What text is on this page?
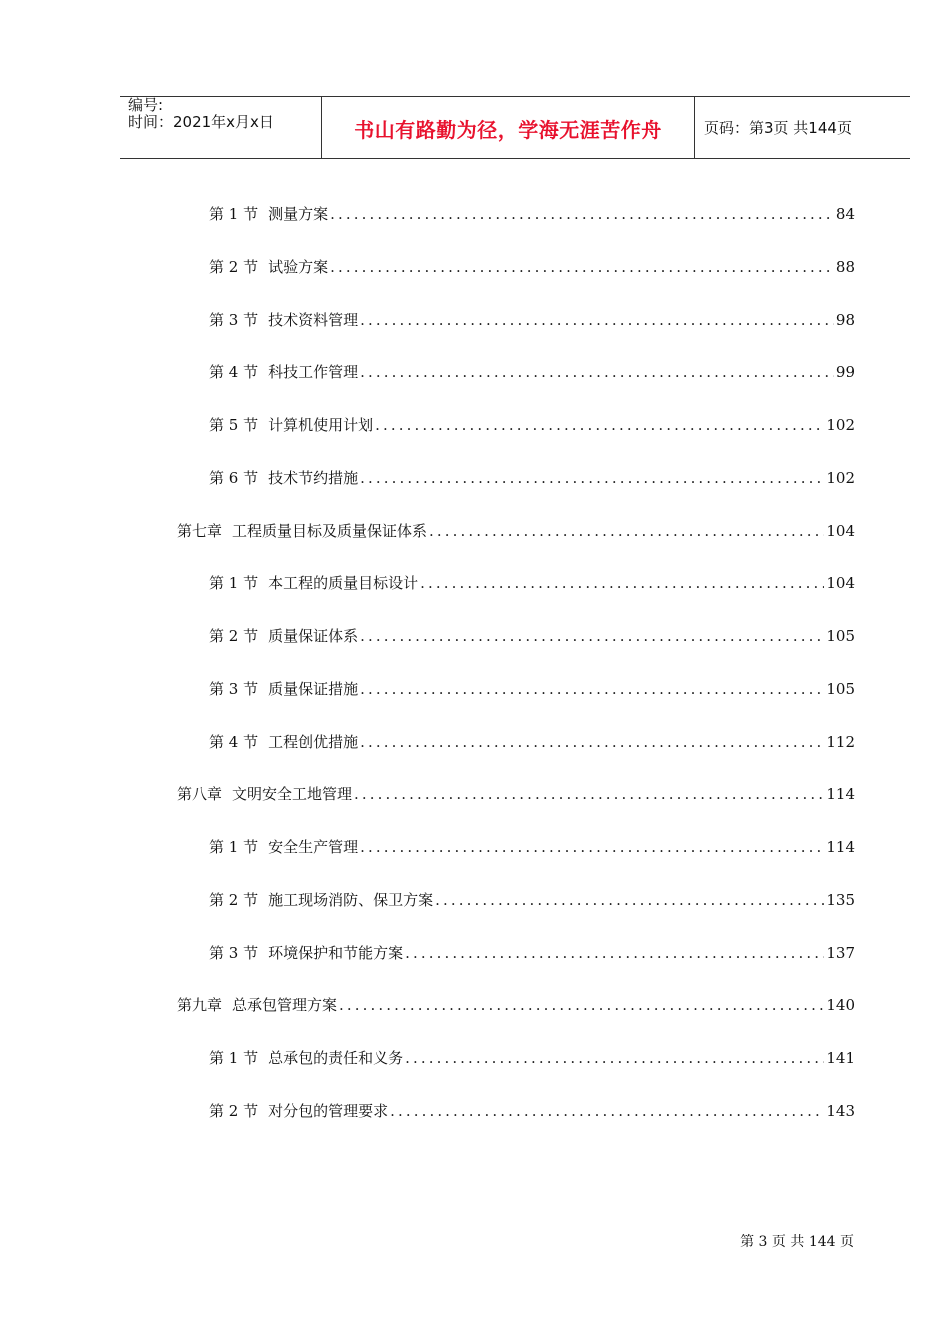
编号:
时间：2021年x月x日	书山有路勤为径，学海无涯苦作舟	页码：第3页 共144页
第 1 节 测量方案 .....	84
第 2 节 试验方案 .....	88
第 3 节 技术资料管理 .....	98
第 4 节 科技工作管理 .....	99
第 5 节 计算机使用计划 .....	102
第 6 节 技术节约措施 .....	102
第七章 工程质量目标及质量保证体系 .....	104
第 1 节 本工程的质量目标设计 .....	104
第 2 节 质量保证体系 .....	105
第 3 节 质量保证措施 .....	105
第 4 节 工程创优措施 .....	112
第八章 文明安全工地管理 .....	114
第 1 节 安全生产管理 .....	114
第 2 节 施工现场消防、保卫方案 .....	135
第 3 节 环境保护和节能方案 .....	137
第九章 总承包管理方案 .....	140
第 1 节 总承包的责任和义务 .....	141
第 2 节 对分包的管理要求 .....	143
第 3 页 共 144 页
